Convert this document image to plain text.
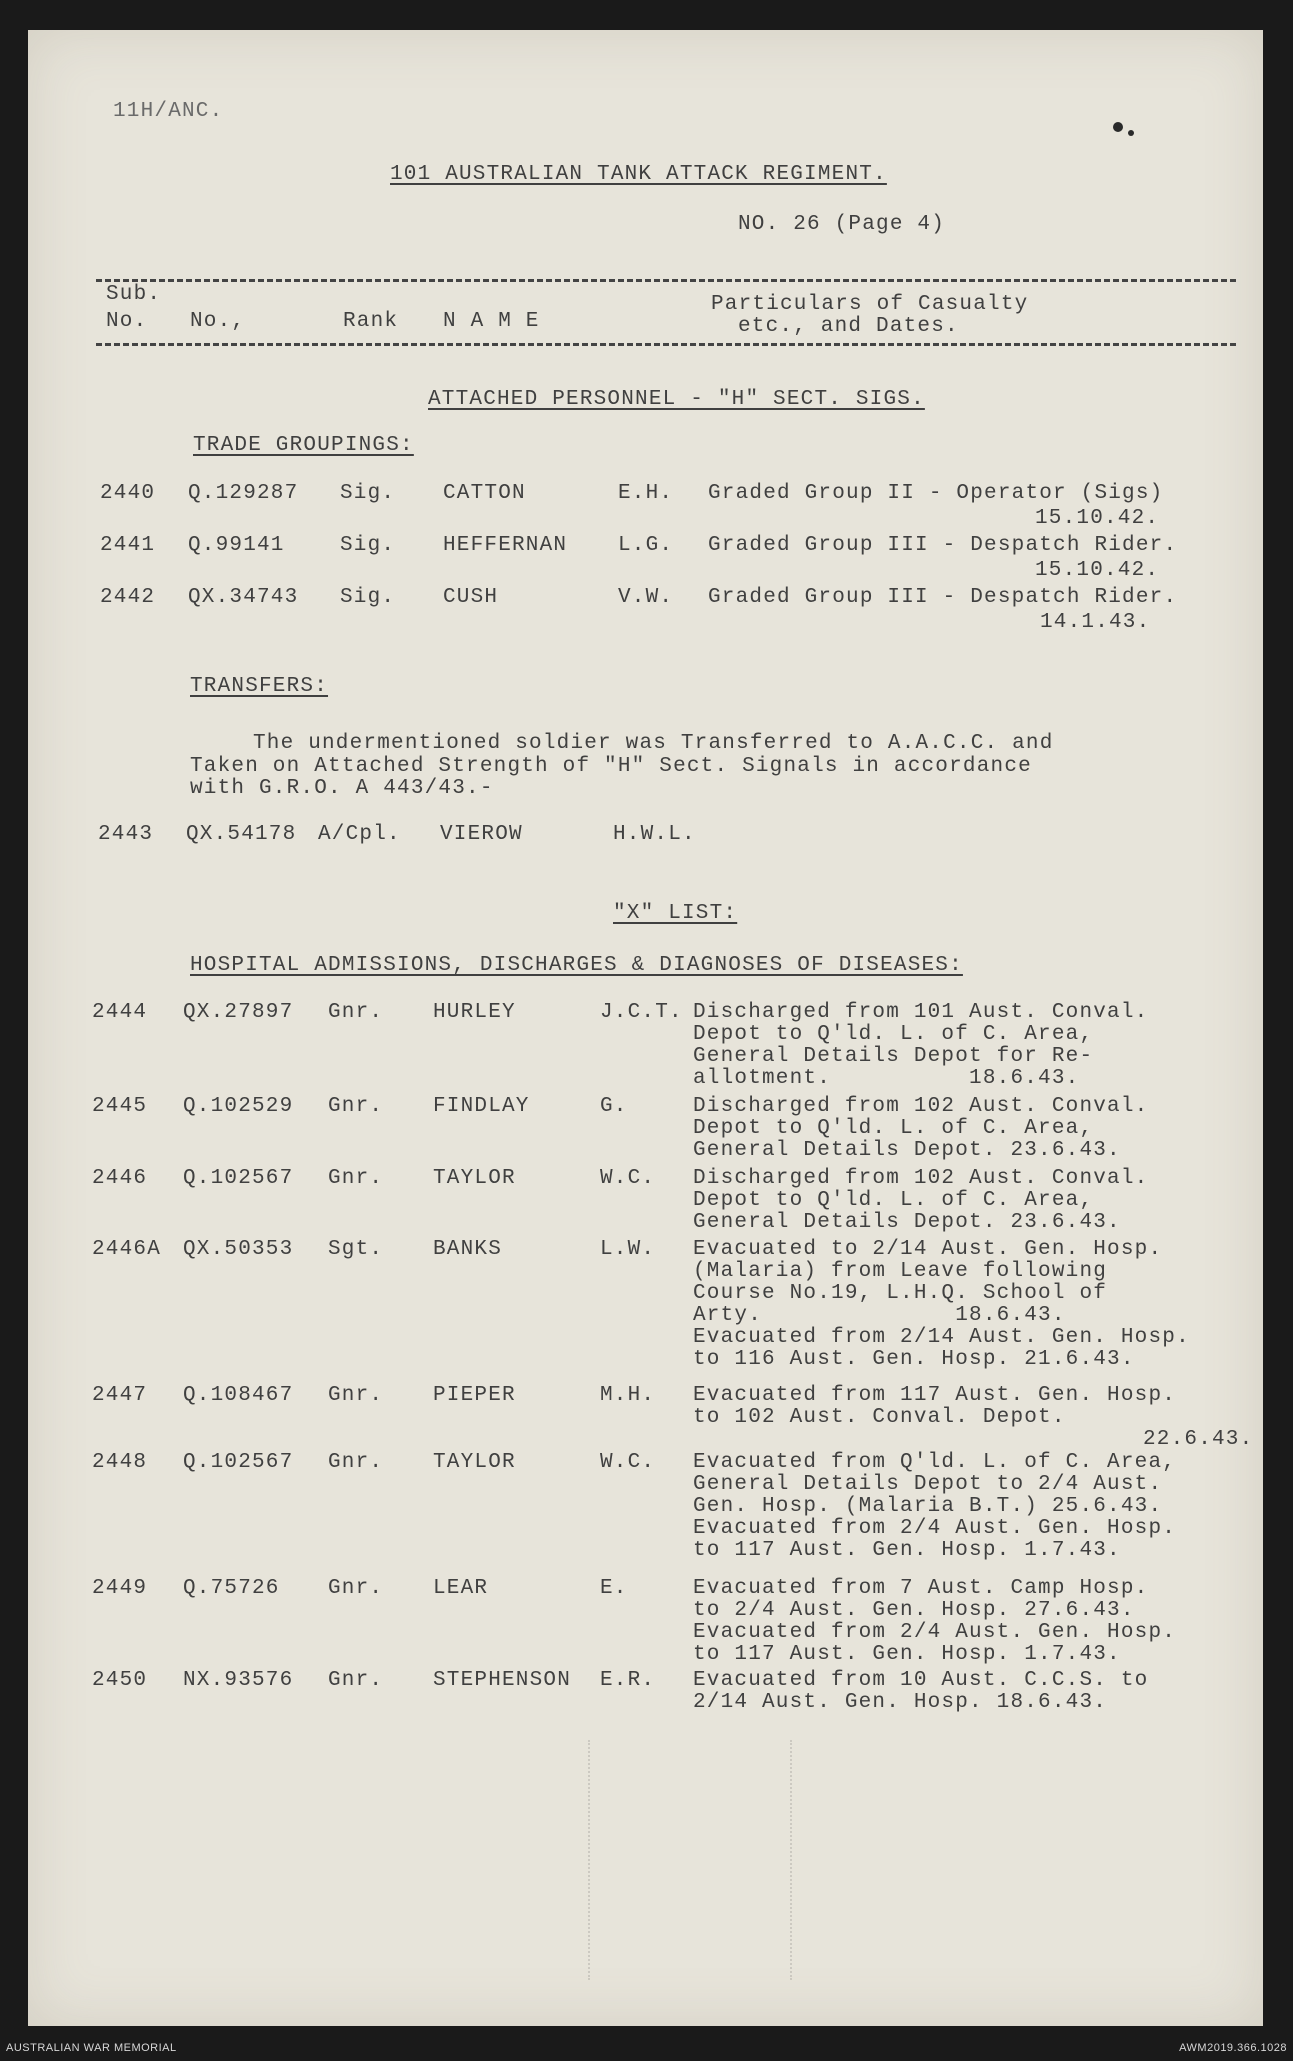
11H/ANC.
101 AUSTRALIAN TANK ATTACK REGIMENT.
NO. 26 (Page 4)
Sub.
No. No.,	Rank N A M E
Particulars of Casualty
etc., and Dates.
ATTACHED PERSONNEL - "H" SECT. SIGS.
TRADE GROUPINGS:
2440 Q.129287 Sig. CATTON	E.H. Graded Group II - Operator (Sigs)
15.10.42.
2441 Q.99141	Sig. HEFFERNAN L.G. Graded Group III - Despatch Rider.
15.10.42.
2442 QX.34743 Sig. CUSH	V.W. Graded Group III - Despatch Rider.
14.1.43.
TRANSFERS:
The undermentioned soldier was Transferred to A.A.C.C. and
Taken on Attached Strength of "H" Sect. Signals in accordance
with G.R.O. A 443/43.-
2443 QX.54178 A/Cpl. VIEROW	H.W.L.
"X" LIST:
HOSPITAL ADMISSIONS, DISCHARGES & DIAGNOSES OF DISEASES:
2444 QX.27897 Gnr. HURLEY	J.C.T. Discharged from 101 Aust. Conval.
Depot to Q'ld. L. of C. Area,
General Details Depot for Re-
allotment.          18.6.43.
2445 Q.102529 Gnr. FINDLAY	G.	Discharged from 102 Aust. Conval.
Depot to Q'ld. L. of C. Area,
General Details Depot. 23.6.43.
2446 Q.102567 Gnr. TAYLOR	W.C. Discharged from 102 Aust. Conval.
Depot to Q'ld. L. of C. Area,
General Details Depot. 23.6.43.
2446A QX.50353 Sgt. BANKS	L.W. Evacuated to 2/14 Aust. Gen. Hosp.
(Malaria) from Leave following
Course No.19, L.H.Q. School of
Arty.              18.6.43.
Evacuated from 2/14 Aust. Gen. Hosp.
to 116 Aust. Gen. Hosp. 21.6.43.
2447 Q.108467 Gnr. PIEPER	M.H. Evacuated from 117 Aust. Gen. Hosp.
to 102 Aust. Conval. Depot.
22.6.43.
2448 Q.102567 Gnr. TAYLOR	W.C. Evacuated from Q'ld. L. of C. Area,
General Details Depot to 2/4 Aust.
Gen. Hosp. (Malaria B.T.) 25.6.43.
Evacuated from 2/4 Aust. Gen. Hosp.
to 117 Aust. Gen. Hosp. 1.7.43.
2449 Q.75726 Gnr. LEAR	E.	Evacuated from 7 Aust. Camp Hosp.
to 2/4 Aust. Gen. Hosp. 27.6.43.
Evacuated from 2/4 Aust. Gen. Hosp.
to 117 Aust. Gen. Hosp. 1.7.43.
2450 NX.93576 Gnr. STEPHENSON E.R. Evacuated from 10 Aust. C.C.S. to
2/14 Aust. Gen. Hosp. 18.6.43.
AUSTRALIAN WAR MEMORIAL	AWM2019.366.1028
